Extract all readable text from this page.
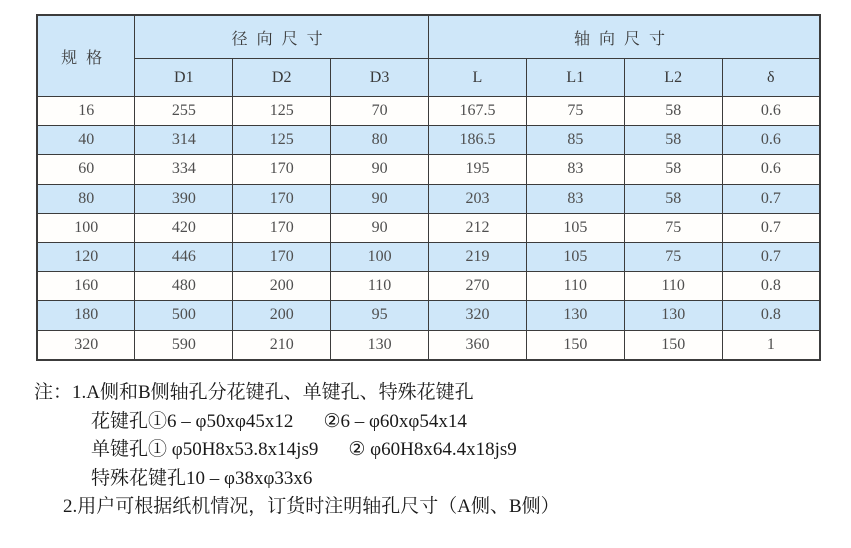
规格	径向尺寸			轴向尺寸			
	D1	D2	D3	L	L1	L2	δ
16	255	125	70	167.5	75	58	0.6
40	314	125	80	186.5	85	58	0.6
60	334	170	90	195	83	58	0.6
80	390	170	90	203	83	58	0.7
100	420	170	90	212	105	75	0.7
120	446	170	100	219	105	75	0.7
160	480	200	110	270	110	110	0.8
180	500	200	95	320	130	130	0.8
320	590	210	130	360	150	150	1
注：1.A侧和B侧轴孔分花键孔、单键孔、特殊花键孔
花键孔①6 – φ50xφ45x12 ②6 – φ60xφ54x14
单键孔① φ50H8x53.8x14js9 ② φ60H8x64.4x18js9
特殊花键孔10 – φ38xφ33x6
2.用户可根据纸机情况，订货时注明轴孔尺寸（A侧、B侧）
